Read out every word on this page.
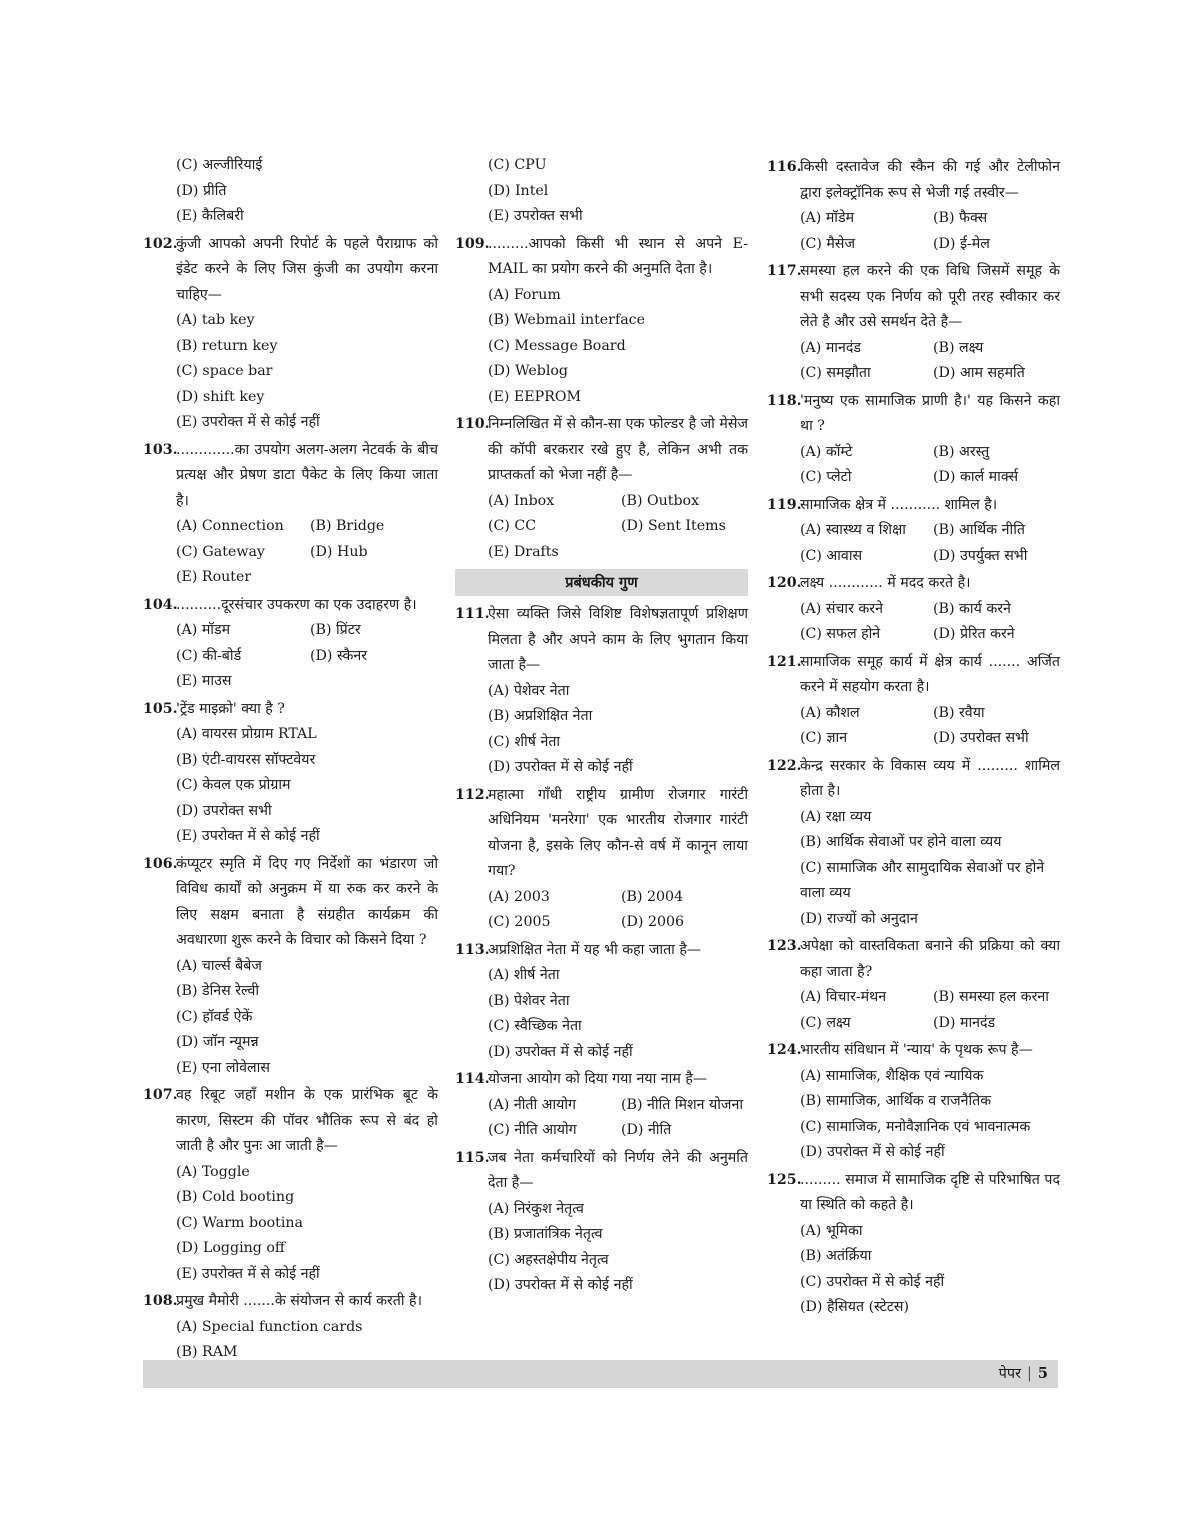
(C) अल्जीरियाई
(D) प्रीति
(E) कैलिबरी
102.
कुंजी आपको अपनी रिपोर्ट के पहले पैराग्राफ को इंडेट करने के लिए जिस कुंजी का उपयोग करना चाहिए—
(A) tab key
(B) return key
(C) space bar
(D) shift key
(E) उपरोक्त में से कोई नहीं
103.
.............का उपयोग अलग-अलग नेटवर्क के बीच प्रत्यक्ष और प्रेषण डाटा पैकेट के लिए किया जाता है।
(A) Connection	(B) Bridge
(C) Gateway	(D) Hub
(E) Router
104.
..........दूरसंचार उपकरण का एक उदाहरण है।
(A) मॉडम	(B) प्रिंटर
(C) की-बोर्ड	(D) स्कैनर
(E) माउस
105.
'ट्रेंड माइक्रो' क्या है ?
(A) वायरस प्रोग्राम RTAL
(B) एंटी-वायरस सॉफ्टवेयर
(C) केवल एक प्रोग्राम
(D) उपरोक्त सभी
(E) उपरोक्त में से कोई नहीं
106.
कंप्यूटर स्मृति में दिए गए निर्देशों का भंडारण जो विविध कार्यों को अनुक्रम में या रुक कर करने के लिए सक्षम बनाता है संग्रहीत कार्यक्रम की अवधारणा शुरू करने के विचार को किसने दिया ?
(A) चार्ल्स बैबेज
(B) डेनिस रेल्वी
(C) हॉवर्ड ऐकें
(D) जॉन न्यूमन्न
(E) एना लोवेलास
107.
वह रिबूट जहाँ मशीन के एक प्रारंभिक बूट के कारण, सिस्टम की पॉवर भौतिक रूप से बंद हो जाती है और पुनः आ जाती है—
(A) Toggle
(B) Cold booting
(C) Warm bootina
(D) Logging off
(E) उपरोक्त में से कोई नहीं
108.
प्रमुख मैमोरी .......के संयोजन से कार्य करती है।
(A) Special function cards
(B) RAM
(C) CPU
(D) Intel
(E) उपरोक्त सभी
109.
.........आपको किसी भी स्थान से अपने E-MAIL का प्रयोग करने की अनुमति देता है।
(A) Forum
(B) Webmail interface
(C) Message Board
(D) Weblog
(E) EEPROM
110.
निम्नलिखित में से कौन-सा एक फोल्डर है जो मेसेज की कॉपी बरकरार रखे हुए है, लेकिन अभी तक प्राप्तकर्ता को भेजा नहीं है—
(A) Inbox	(B) Outbox
(C) CC	(D) Sent Items
(E) Drafts
प्रबंधकीय गुण
111.
ऐसा व्यक्ति जिसे विशिष्ट विशेषज्ञतापूर्ण प्रशिक्षण मिलता है और अपने काम के लिए भुगतान किया जाता है—
(A) पेशेवर नेता
(B) अप्रशिक्षित नेता
(C) शीर्ष नेता
(D) उपरोक्त में से कोई नहीं
112.
महात्मा गाँधी राष्ट्रीय ग्रामीण रोजगार गारंटी अधिनियम 'मनरेगा' एक भारतीय रोजगार गारंटी योजना है, इसके लिए कौन-से वर्ष में कानून लाया गया?
(A) 2003	(B) 2004
(C) 2005	(D) 2006
113.
अप्रशिक्षित नेता में यह भी कहा जाता है—
(A) शीर्ष नेता
(B) पेशेवर नेता
(C) स्वैच्छिक नेता
(D) उपरोक्त में से कोई नहीं
114.
योजना आयोग को दिया गया नया नाम है—
(A) नीती आयोग	(B) नीति मिशन योजना
(C) नीति आयोग	(D) नीति
115.
जब नेता कर्मचारियों को निर्णय लेने की अनुमति देता है—
(A) निरंकुश नेतृत्व
(B) प्रजातांत्रिक नेतृत्व
(C) अहस्तक्षेपीय नेतृत्व
(D) उपरोक्त में से कोई नहीं
116.
किसी दस्तावेज की स्कैन की गई और टेलीफोन द्वारा इलेक्ट्रॉनिक रूप से भेजी गई तस्वीर—
(A) मॉडेम	(B) फैक्स
(C) मैसेज	(D) ई-मेल
117.
समस्या हल करने की एक विधि जिसमें समूह के सभी सदस्य एक निर्णय को पूरी तरह स्वीकार कर लेते है और उसे समर्थन देते है—
(A) मानदंड	(B) लक्ष्य
(C) समझौता	(D) आम सहमति
118.
'मनुष्य एक सामाजिक प्राणी है।' यह किसने कहा था ?
(A) कॉम्टे	(B) अरस्तु
(C) प्लेटो	(D) कार्ल मार्क्स
119.
सामाजिक क्षेत्र में ........... शामिल है।
(A) स्वास्थ्य व शिक्षा	(B) आर्थिक नीति
(C) आवास	(D) उपर्युक्त सभी
120.
लक्ष्य ............ में मदद करते है।
(A) संचार करने	(B) कार्य करने
(C) सफल होने	(D) प्रेरित करने
121.
सामाजिक समूह कार्य में क्षेत्र कार्य ....... अर्जित करने में सहयोग करता है।
(A) कौशल	(B) रवैया
(C) ज्ञान	(D) उपरोक्त सभी
122.
केन्द्र सरकार के विकास व्यय में ......... शामिल होता है।
(A) रक्षा व्यय
(B) आर्थिक सेवाओं पर होने वाला व्यय
(C) सामाजिक और सामुदायिक सेवाओं पर होने वाला व्यय
(D) राज्यों को अनुदान
123.
अपेक्षा को वास्तविकता बनाने की प्रक्रिया को क्या कहा जाता है?
(A) विचार-मंथन	(B) समस्या हल करना
(C) लक्ष्य	(D) मानदंड
124.
भारतीय संविधान में 'न्याय' के पृथक रूप है—
(A) सामाजिक, शैक्षिक एवं न्यायिक
(B) सामाजिक, आर्थिक व राजनैतिक
(C) सामाजिक, मनोवैज्ञानिक एवं भावनात्मक
(D) उपरोक्त में से कोई नहीं
125.
......... समाज में सामाजिक दृष्टि से परिभाषित पद या स्थिति को कहते है।
(A) भूमिका
(B) अतंर्क्रिया
(C) उपरोक्त में से कोई नहीं
(D) हैसियत (स्टेटस)
पेपर | 5
